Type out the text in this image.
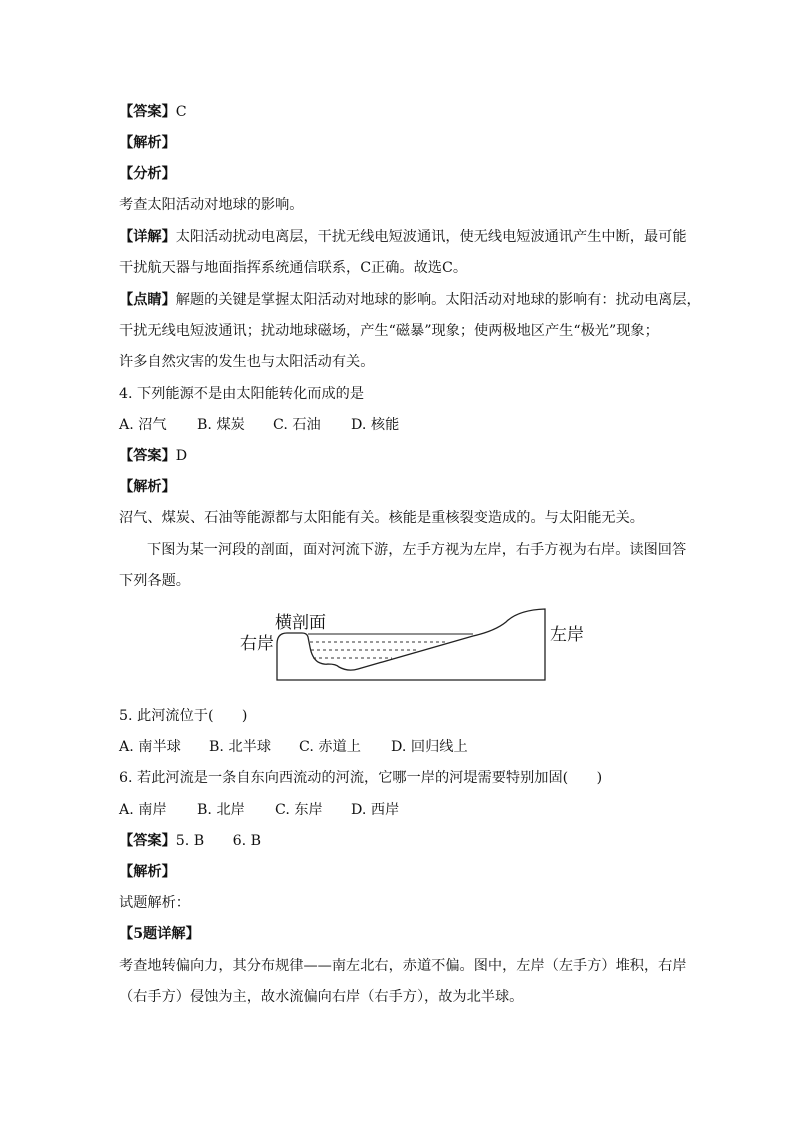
【答案】C
【解析】
【分析】
考查太阳活动对地球的影响。
【详解】太阳活动扰动电离层，干扰无线电短波通讯，使无线电短波通讯产生中断，最可能
干扰航天器与地面指挥系统通信联系，C正确。故选C。
【点睛】解题的关键是掌握太阳活动对地球的影响。太阳活动对地球的影响有：扰动电离层，
干扰无线电短波通讯；扰动地球磁场，产生“磁暴”现象；使两极地区产生“极光”现象；
许多自然灾害的发生也与太阳活动有关。
4. 下列能源不是由太阳能转化而成的是
A. 沼气 B. 煤炭 C. 石油 D. 核能
【答案】D
【解析】
沼气、煤炭、石油等能源都与太阳能有关。核能是重核裂变造成的。与太阳能无关。
下图为某一河段的剖面，面对河流下游，左手方视为左岸，右手方视为右岸。读图回答
下列各题。
横剖面
右岸	左岸
5. 此河流位于(　　)
A. 南半球 B. 北半球 C. 赤道上 D. 回归线上
6. 若此河流是一条自东向西流动的河流，它哪一岸的河堤需要特别加固(　　)
A. 南岸 B. 北岸 C. 东岸 D. 西岸
【答案】5. B　　6. B
【解析】
试题解析：
【5题详解】
考查地转偏向力，其分布规律——南左北右，赤道不偏。图中，左岸（左手方）堆积，右岸
（右手方）侵蚀为主，故水流偏向右岸（右手方），故为北半球。
